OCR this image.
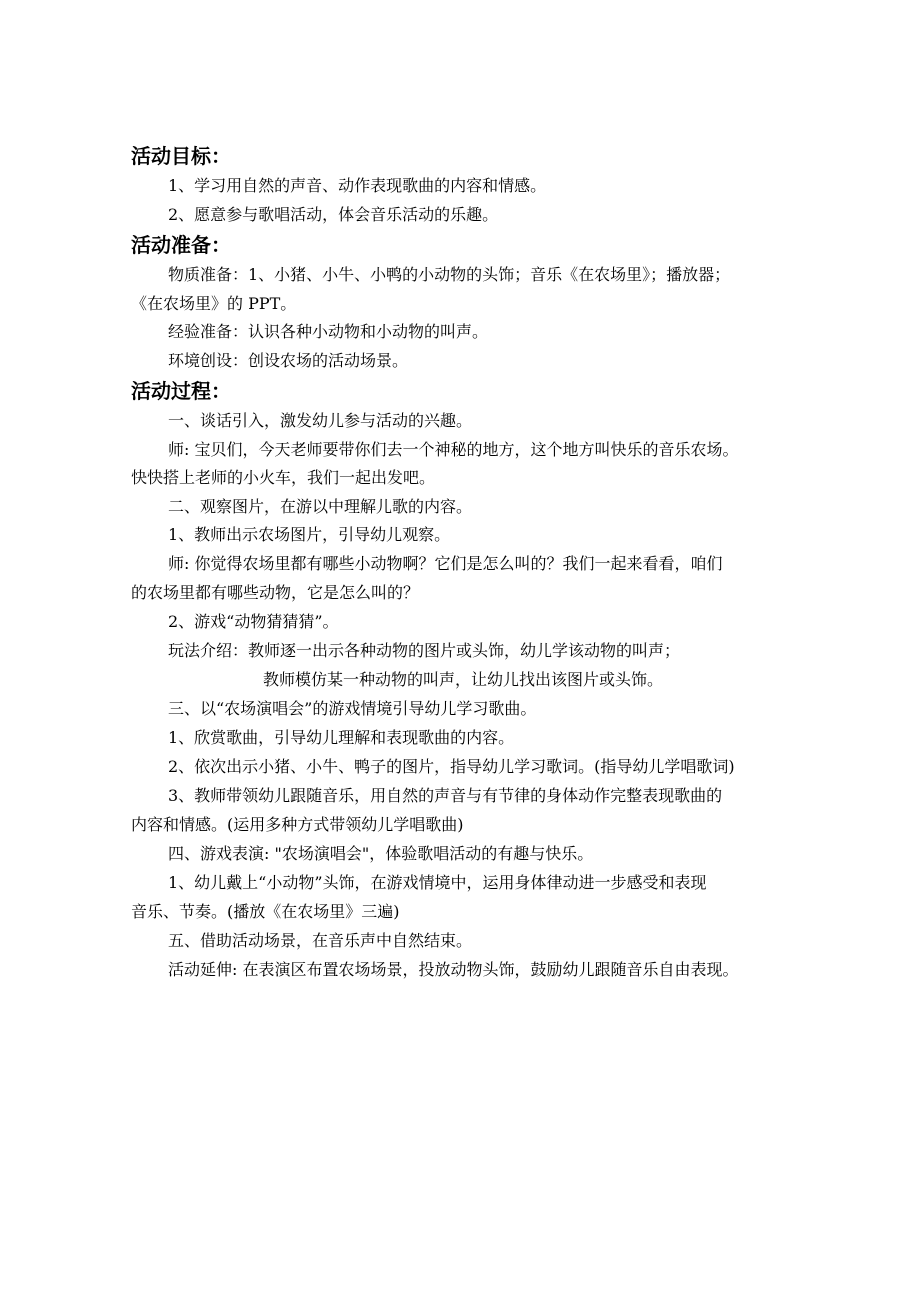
活动目标：
1、学习用自然的声音、动作表现歌曲的内容和情感。
2、愿意参与歌唱活动，体会音乐活动的乐趣。
活动准备：
物质准备：1、小猪、小牛、小鸭的小动物的头饰；音乐《在农场里》；播放器；
《在农场里》的 PPT。
经验准备：认识各种小动物和小动物的叫声。
环境创设：创设农场的活动场景。
活动过程：
一、谈话引入，激发幼儿参与活动的兴趣。
师: 宝贝们，今天老师要带你们去一个神秘的地方，这个地方叫快乐的音乐农场。
快快搭上老师的小火车，我们一起出发吧。
二、观察图片，在游以中理解儿歌的内容。
1、教师出示农场图片，引导幼儿观察。
师: 你觉得农场里都有哪些小动物啊？它们是怎么叫的？我们一起来看看，咱们
的农场里都有哪些动物，它是怎么叫的？
2、游戏“动物猜猜猜”。
玩法介绍：教师逐一出示各种动物的图片或头饰，幼儿学该动物的叫声；
教师模仿某一种动物的叫声，让幼儿找出该图片或头饰。
三、以“农场演唱会”的游戏情境引导幼儿学习歌曲。
1、欣赏歌曲，引导幼儿理解和表现歌曲的内容。
2、依次出示小猪、小牛、鸭子的图片，指导幼儿学习歌词。(指导幼儿学唱歌词)
3、教师带领幼儿跟随音乐，用自然的声音与有节律的身体动作完整表现歌曲的
内容和情感。(运用多种方式带领幼儿学唱歌曲)
四、游戏表演: "农场演唱会"，体验歌唱活动的有趣与快乐。
1、幼儿戴上“小动物”头饰，在游戏情境中，运用身体律动进一步感受和表现
音乐、节奏。(播放《在农场里》三遍)
五、借助活动场景，在音乐声中自然结束。
活动延伸: 在表演区布置农场场景，投放动物头饰，鼓励幼儿跟随音乐自由表现。
